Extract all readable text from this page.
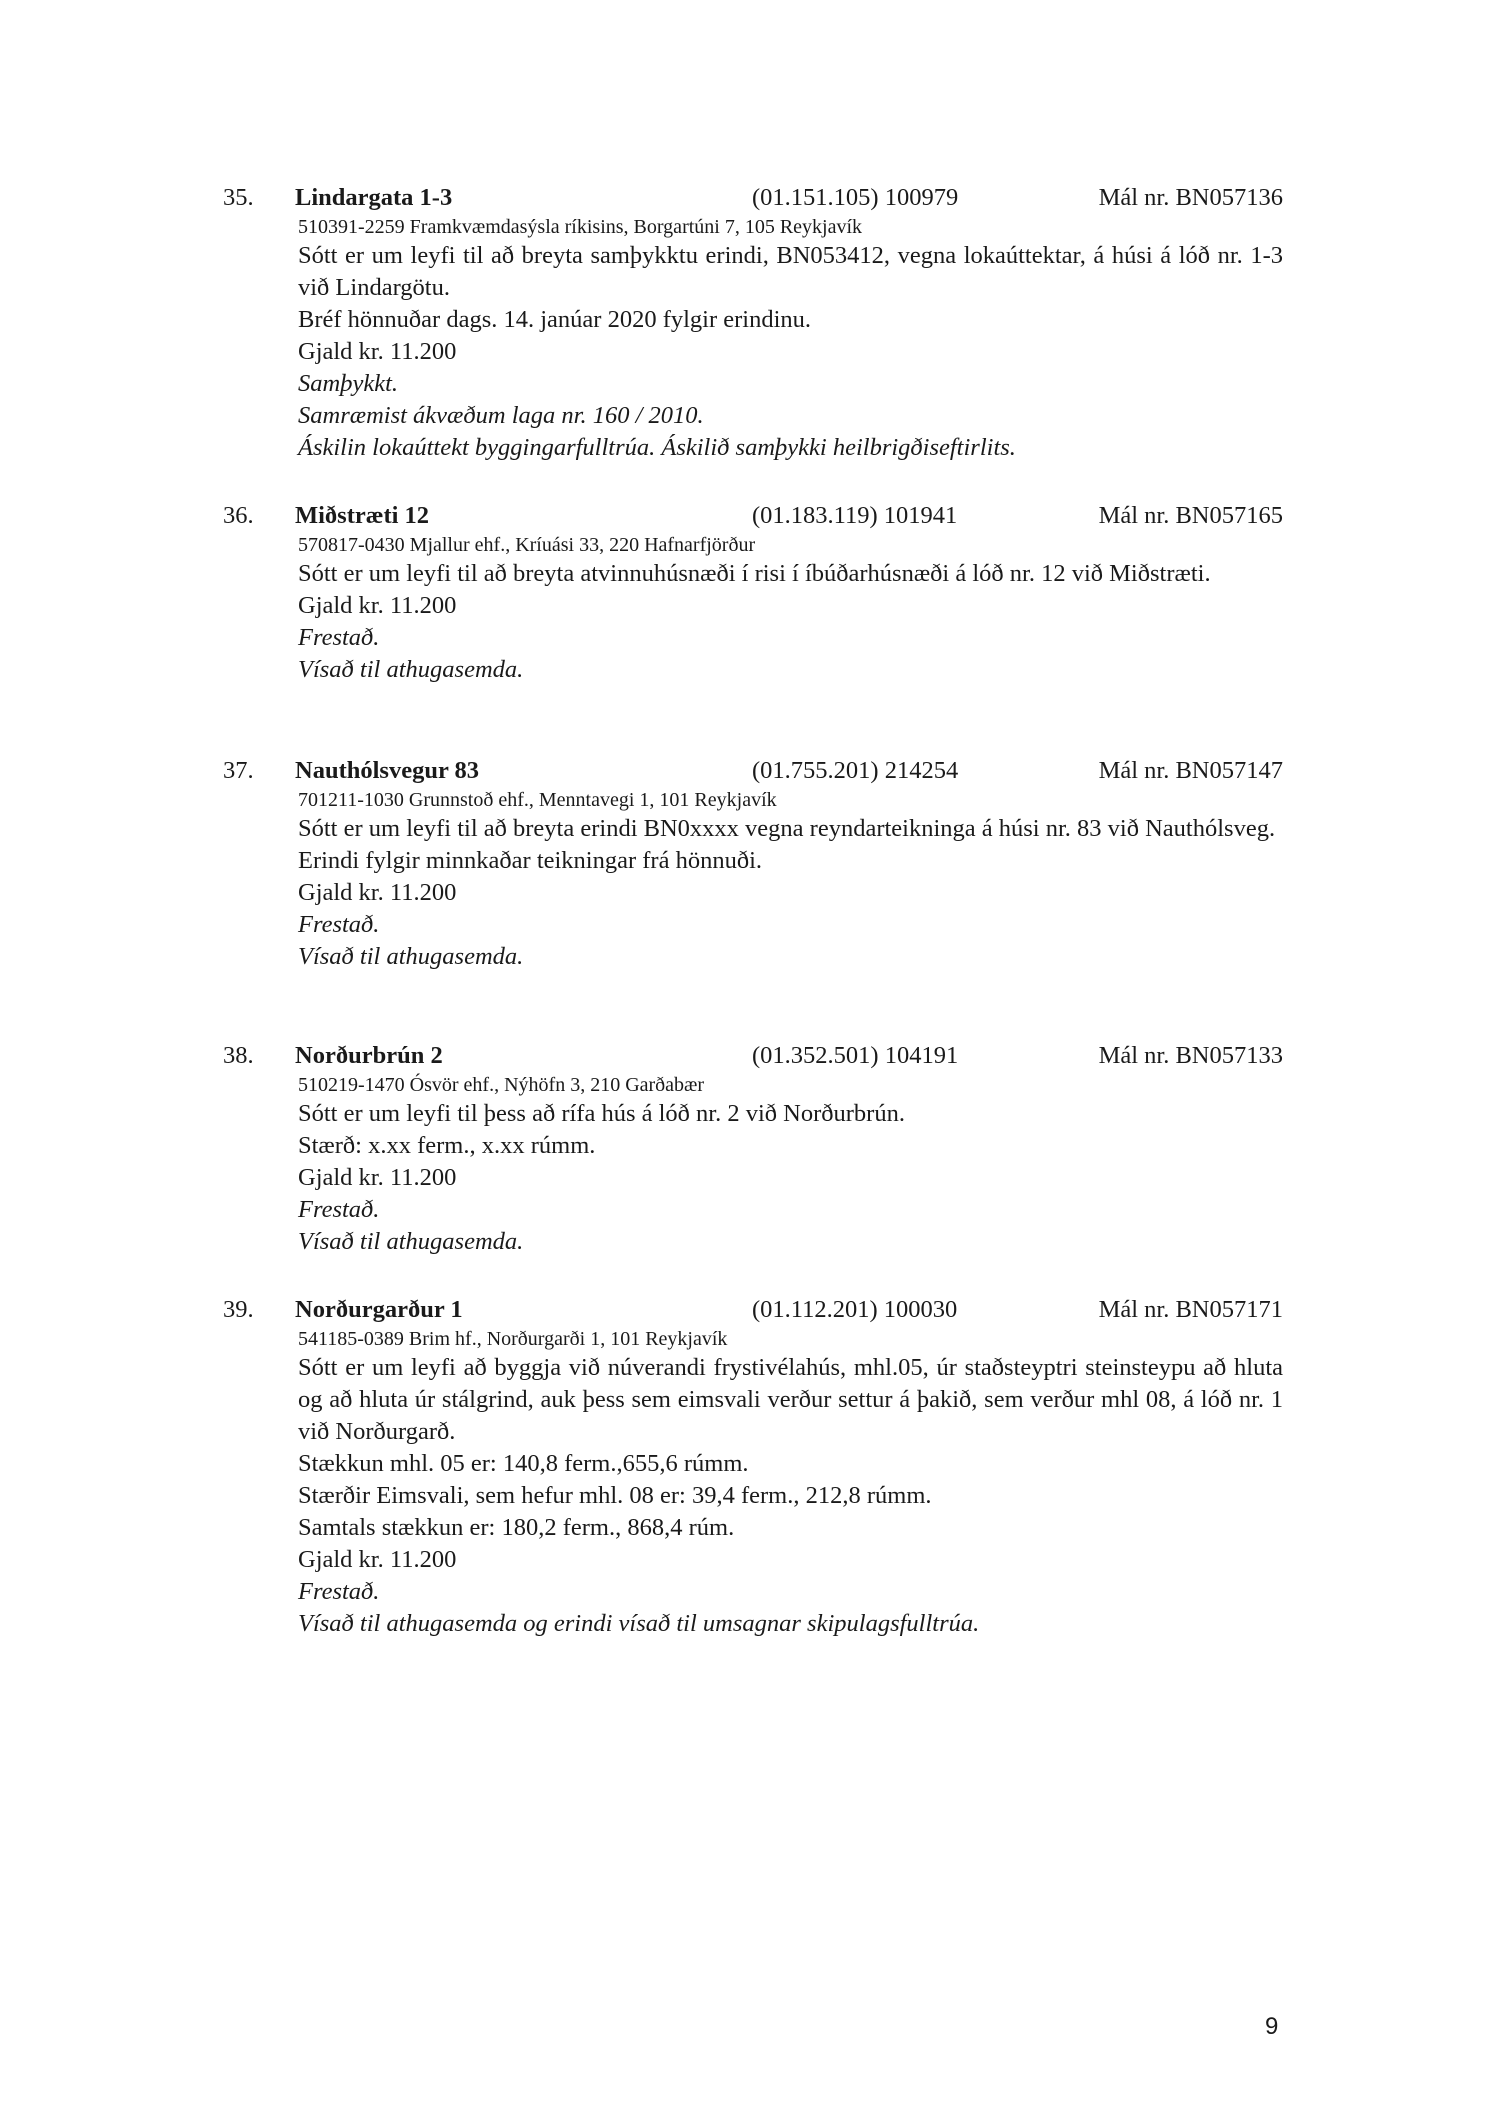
35. Lindargata 1-3	(01.151.105) 100979	Mál nr. BN057136
510391-2259 Framkvæmdasýsla ríkisins, Borgartúni 7, 105 Reykjavík
Sótt er um leyfi til að breyta samþykktu erindi, BN053412, vegna lokaúttektar, á húsi á lóð nr. 1-3 við Lindargötu.
Bréf hönnuðar dags. 14. janúar 2020 fylgir erindinu.
Gjald kr. 11.200
Samþykkt.
Samræmist ákvæðum laga nr. 160 / 2010.
Áskilin lokaúttekt byggingarfulltrúa. Áskilið samþykki heilbrigðiseftirlits.
36. Miðstræti 12	(01.183.119) 101941	Mál nr. BN057165
570817-0430 Mjallur ehf., Kríuási 33, 220 Hafnarfjörður
Sótt er um leyfi til að breyta atvinnuhúsnæði í risi í íbúðarhúsnæði á lóð nr. 12 við Miðstræti.
Gjald kr. 11.200
Frestað.
Vísað til athugasemda.
37. Nauthólsvegur 83	(01.755.201) 214254	Mál nr. BN057147
701211-1030 Grunnstoð ehf., Menntavegi 1, 101 Reykjavík
Sótt er um leyfi til að breyta erindi BN0xxxx vegna reyndarteikninga á húsi nr. 83 við Nauthólsveg.
Erindi fylgir minnkaðar teikningar frá hönnuði.
Gjald kr. 11.200
Frestað.
Vísað til athugasemda.
38. Norðurbrún 2	(01.352.501) 104191	Mál nr. BN057133
510219-1470 Ósvör ehf., Nýhöfn 3, 210 Garðabær
Sótt er um leyfi til þess að rífa hús á lóð nr. 2 við Norðurbrún.
Stærð: x.xx ferm., x.xx rúmm.
Gjald kr. 11.200
Frestað.
Vísað til athugasemda.
39. Norðurgarður 1	(01.112.201) 100030	Mál nr. BN057171
541185-0389 Brim hf., Norðurgarði 1, 101 Reykjavík
Sótt er um leyfi að byggja við núverandi frystivélahús, mhl.05, úr staðsteyptri steinsteypu að hluta og að hluta úr stálgrind, auk þess sem eimsvali verður settur á þakið, sem verður mhl 08, á lóð nr. 1 við Norðurgarð.
Stækkun mhl. 05 er: 140,8 ferm.,655,6 rúmm.
Stærðir Eimsvali, sem hefur mhl. 08 er: 39,4 ferm., 212,8 rúmm.
Samtals stækkun er: 180,2 ferm., 868,4 rúm.
Gjald kr. 11.200
Frestað.
Vísað til athugasemda og erindi vísað til umsagnar skipulagsfulltrúa.
9
